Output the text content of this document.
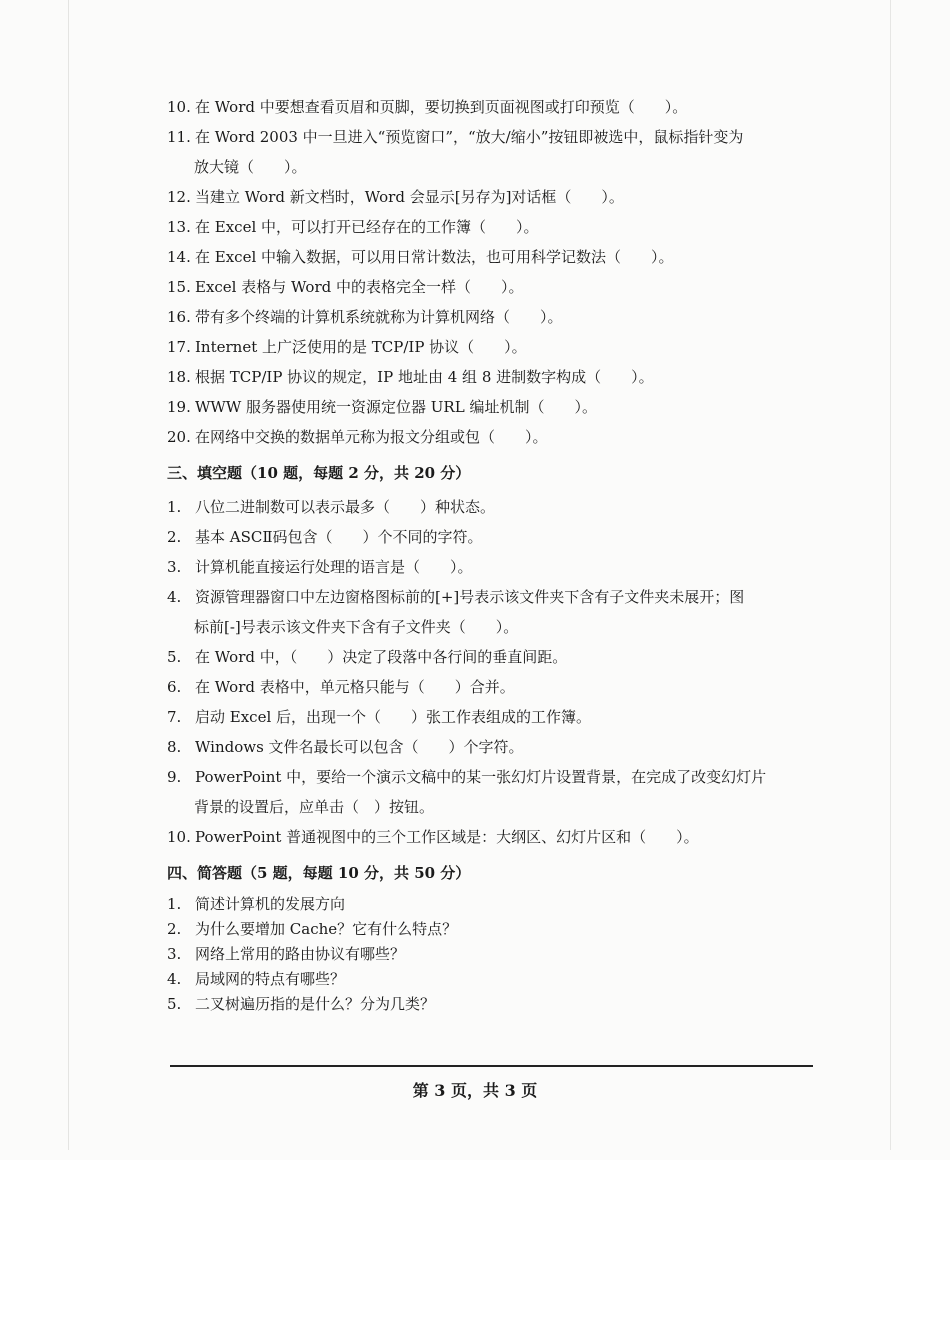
10. 在 Word 中要想查看页眉和页脚，要切换到页面视图或打印预览（　　）。

11. 在 Word 2003 中一旦进入“预览窗口”，“放大/缩小”按钮即被选中，鼠标指针变为
放大镜（　　）。

12. 当建立 Word 新文档时，Word 会显示[另存为]对话框（　　）。

13. 在 Excel 中，可以打开已经存在的工作簿（　　）。

14. 在 Excel 中输入数据，可以用日常计数法，也可用科学记数法（　　）。

15. Excel 表格与 Word 中的表格完全一样（　　）。

16. 带有多个终端的计算机系统就称为计算机网络（　　）。

17. Internet 上广泛使用的是 TCP/IP 协议（　　）。

18. 根据 TCP/IP 协议的规定，IP 地址由 4 组 8 进制数字构成（　　）。

19. WWW 服务器使用统一资源定位器 URL 编址机制（　　）。

20. 在网络中交换的数据单元称为报文分组或包（　　）。

三、填空题（10 题，每题 2 分，共 20 分）

1. 八位二进制数可以表示最多（　　）种状态。

2. 基本 ASCⅡ码包含（　　）个不同的字符。

3. 计算机能直接运行处理的语言是（　　）。

4. 资源管理器窗口中左边窗格图标前的[+]号表示该文件夹下含有子文件夹未展开；图
标前[-]号表示该文件夹下含有子文件夹（　　）。

5. 在 Word 中，（　　）决定了段落中各行间的垂直间距。

6. 在 Word 表格中，单元格只能与（　　）合并。

7. 启动 Excel 后，出现一个（　　）张工作表组成的工作簿。

8. Windows 文件名最长可以包含（　　）个字符。

9. PowerPoint 中，要给一个演示文稿中的某一张幻灯片设置背景，在完成了改变幻灯片
背景的设置后，应单击（　）按钮。

10. PowerPoint 普通视图中的三个工作区域是：大纲区、幻灯片区和（　　）。

四、简答题（5 题，每题 10 分，共 50 分）

1. 简述计算机的发展方向

2. 为什么要增加 Cache？它有什么特点？

3. 网络上常用的路由协议有哪些？

4. 局域网的特点有哪些？

5. 二叉树遍历指的是什么？分为几类？

第 3 页，共 3 页
